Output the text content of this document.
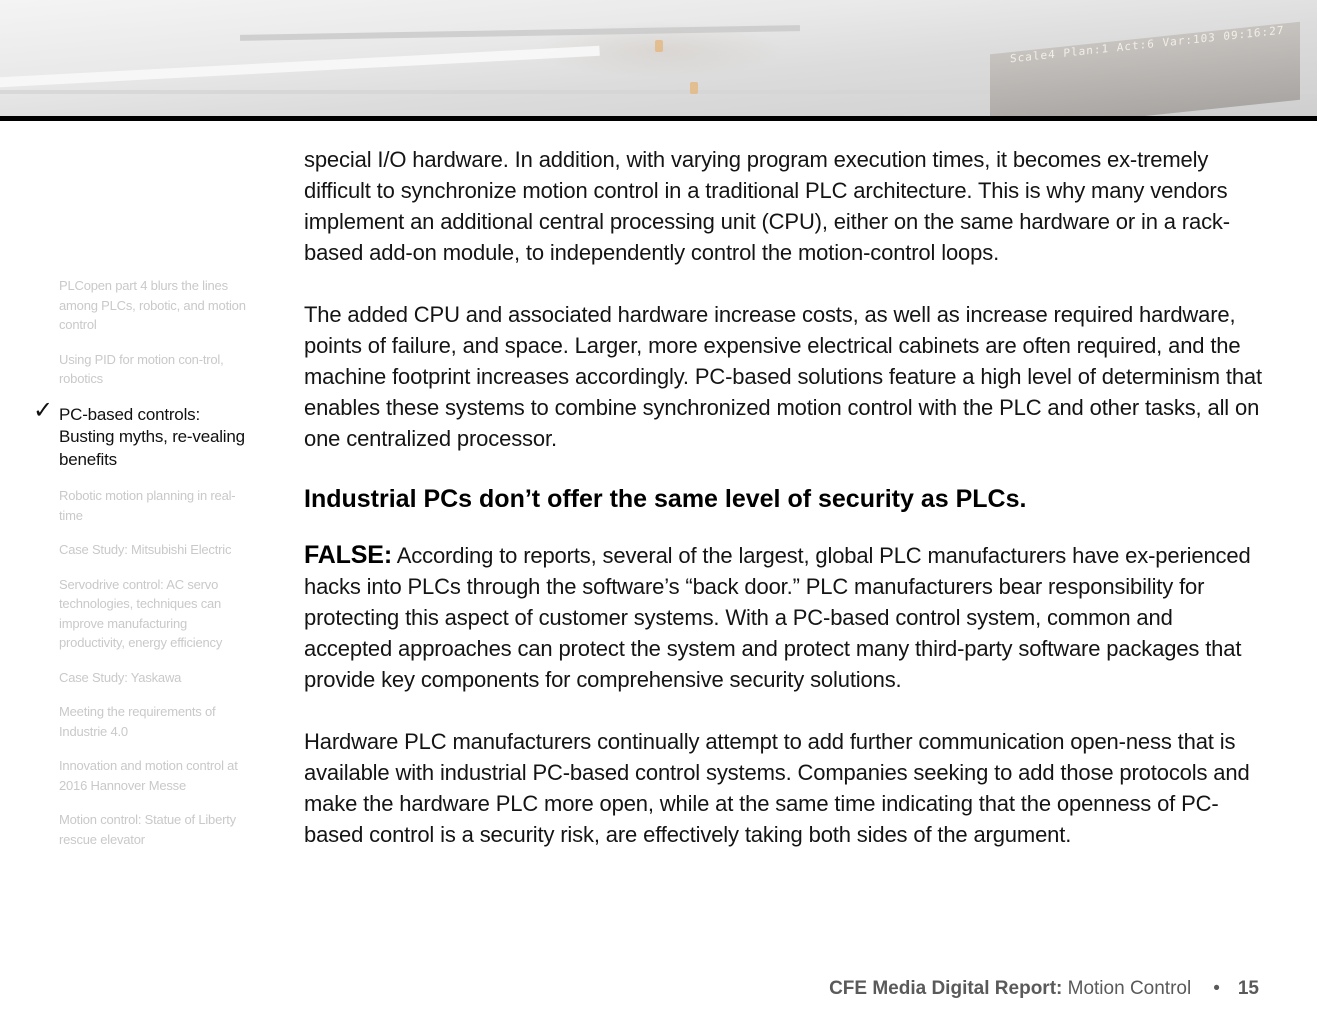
Scale4 Plan:1 Act:6 Var:103 09:16:27
PLCopen part 4 blurs the lines among PLCs, robotic, and motion control
Using PID for motion con-trol, robotics
✓ PC-based controls: Busting myths, re-vealing benefits
Robotic motion planning in real-time
Case Study: Mitsubishi Electric
Servodrive control: AC servo technologies, techniques can improve manufacturing productivity, energy efficiency
Case Study: Yaskawa
Meeting the requirements of Industrie 4.0
Innovation and motion control at 2016 Hannover Messe
Motion control: Statue of Liberty rescue elevator

special I/O hardware. In addition, with varying program execution times, it becomes ex-tremely difficult to synchronize motion control in a traditional PLC architecture. This is why many vendors implement an additional central processing unit (CPU), either on the same hardware or in a rack-based add-on module, to independently control the motion-control loops.

The added CPU and associated hardware increase costs, as well as increase required hardware, points of failure, and space. Larger, more expensive electrical cabinets are often required, and the machine footprint increases accordingly. PC-based solutions feature a high level of determinism that enables these systems to combine synchronized motion control with the PLC and other tasks, all on one centralized processor.

Industrial PCs don’t offer the same level of security as PLCs.

FALSE: According to reports, several of the largest, global PLC manufacturers have ex-perienced hacks into PLCs through the software’s “back door.” PLC manufacturers bear responsibility for protecting this aspect of customer systems. With a PC-based control system, common and accepted approaches can protect the system and protect many third-party software packages that provide key components for comprehensive security solutions.

Hardware PLC manufacturers continually attempt to add further communication open-ness that is available with industrial PC-based control systems. Companies seeking to add those protocols and make the hardware PLC more open, while at the same time indicating that the openness of PC-based control is a security risk, are effectively taking both sides of the argument.

CFE Media Digital Report: Motion Control • 15
